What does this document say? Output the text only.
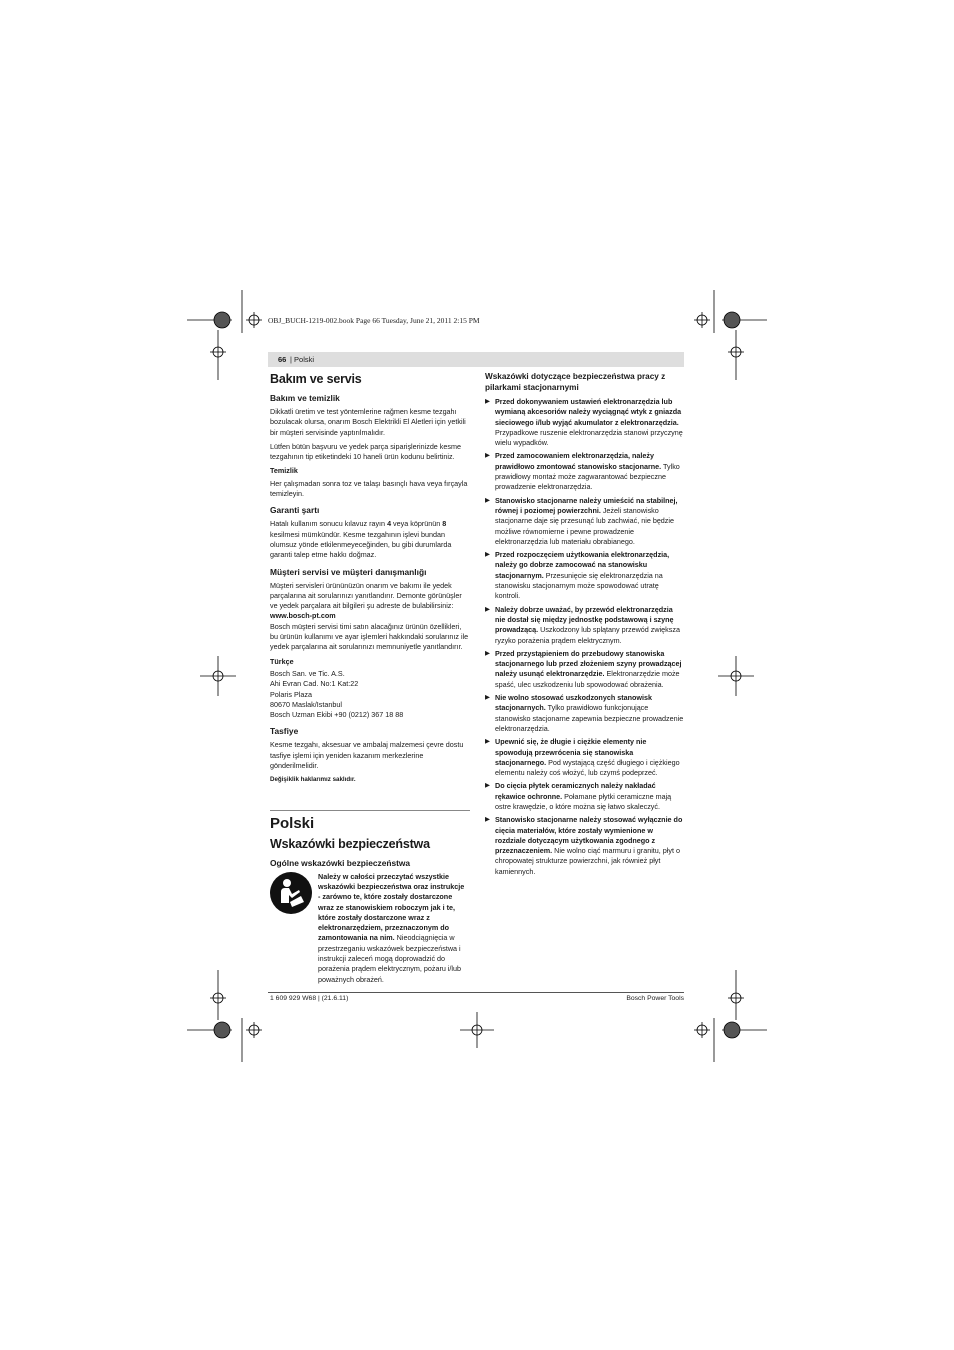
OBJ_BUCH-1219-002.book Page 66 Tuesday, June 21, 2011 2:15 PM
66 | Polski
Bakım ve servis
Bakım ve temizlik

Dikkatli üretim ve test yöntemlerine rağmen kesme tezgahı bozulacak olursa, onarım Bosch Elektrikli El Aletleri için yetkili bir müşteri servisinde yaptırılmalıdır.

Lütfen bütün başvuru ve yedek parça siparişlerinizde kesme tezgahının tip etiketindeki 10 haneli ürün kodunu belirtiniz.

Temizlik

Her çalışmadan sonra toz ve talaşı basınçlı hava veya fırçayla temizleyin.

Garanti şartı

Hatalı kullanım sonucu kılavuz rayın 4 veya köprünün 8 kesilmesi mümkündür. Kesme tezgahının işlevi bundan olumsuz yönde etkilenmeyeceğinden, bu gibi durumlarda garanti talep etme hakkı doğmaz.

Müşteri servisi ve müşteri danışmanlığı

Müşteri servisleri ürününüzün onarım ve bakımı ile yedek parçalarına ait sorularınızı yanıtlandırır. Demonte görünüşler ve yedek parçalara ait bilgileri şu adreste de bulabilirsiniz:
www.bosch-pt.com

Bosch müşteri servisi timi satın alacağınız ürünün özellikleri, bu ürünün kullanımı ve ayar işlemleri hakkındaki sorularınız ile yedek parçalarına ait sorularınızı memnuniyetle yanıtlandırır.

Türkçe

Bosch San. ve Tic. A.S.
Ahi Evran Cad. No:1 Kat:22
Polaris Plaza
80670 Maslak/Istanbul
Bosch Uzman Ekibi +90 (0212) 367 18 88

Tasfiye

Kesme tezgahı, aksesuar ve ambalaj malzemesi çevre dostu tasfiye işlemi için yeniden kazanım merkezlerine gönderilmelidir.

Değişiklik haklarımız saklıdır.
Polski
Wskazówki bezpieczeństwa
Ogólne wskazówki bezpieczeństwa
Należy w całości przeczytać wszystkie wskazówki bezpieczeństwa oraz instrukcje - zarówno te, które zostały dostarczone wraz ze stanowiskiem roboczym jak i te, które zostały dostarczone wraz z elektronarzędziem, przeznaczonym do zamontowania na nim. Nieodciągnięcia w przestrzeganiu wskazówek bezpieczeństwa i instrukcji zaleceń mogą doprowadzić do porażenia prądem elektrycznym, pożaru i/lub poważnych obrażeń.
Wskazówki dotyczące bezpieczeństwa pracy z pilarkami stacjonarnymi
▶ Przed dokonywaniem ustawień elektronarzędzia lub wymianą akcesoriów należy wyciągnąć wtyk z gniazda sieciowego i/lub wyjąć akumulator z elektronarzędzia. Przypadkowe ruszenie elektronarzędzia stanowi przyczynę wielu wypadków.
▶ Przed zamocowaniem elektronarzędzia, należy prawidłowo zmontować stanowisko stacjonarne. Tylko prawidłowy montaż może zagwarantować bezpieczne prowadzenie elektronarzędzia.
▶ Stanowisko stacjonarne należy umieścić na stabilnej, równej i poziomej powierzchni. Jeżeli stanowisko stacjonarne daje się przesunąć lub zachwiać, nie będzie możliwe równomierne i pewne prowadzenie elektronarzędzia lub materiału obrabianego.
▶ Przed rozpoczęciem użytkowania elektronarzędzia, należy go dobrze zamocować na stanowisku stacjonarnym. Przesunięcie się elektronarzędzia na stanowisku stacjonarnym może spowodować utratę kontroli.
▶ Należy dobrze uważać, by przewód elektronarzędzia nie dostał się między jednostkę podstawową i szynę prowadzącą. Uszkodzony lub splątany przewód zwiększa ryzyko porażenia prądem elektrycznym.
▶ Przed przystąpieniem do przebudowy stanowiska stacjonarnego lub przed złożeniem szyny prowadzącej należy usunąć elektronarzędzie. Elektronarzędzie może spaść, ulec uszkodzeniu lub spowodować obrażenia.
▶ Nie wolno stosować uszkodzonych stanowisk stacjonarnych. Tylko prawidłowo funkcjonujące stanowisko stacjonarne zapewnia bezpieczne prowadzenie elektronarzędzia.
▶ Upewnić się, że długie i ciężkie elementy nie spowodują przewrócenia się stanowiska stacjonarnego. Pod wystającą część długiego i ciężkiego elementu należy coś włożyć, lub czymś podeprzeć.
▶ Do cięcia płytek ceramicznych należy nakładać rękawice ochronne. Połamane płytki ceramiczne mają ostre krawędzie, o które można się łatwo skaleczyć.
▶ Stanowisko stacjonarne należy stosować wyłącznie do cięcia materiałów, które zostały wymienione w rozdziale dotyczącym użytkowania zgodnego z przeznaczeniem. Nie wolno ciąć marmuru i granitu, płyt o chropowatej strukturze powierzchni, jak również płyt kamiennych.
1 609 929 W68 | (21.6.11)	Bosch Power Tools
